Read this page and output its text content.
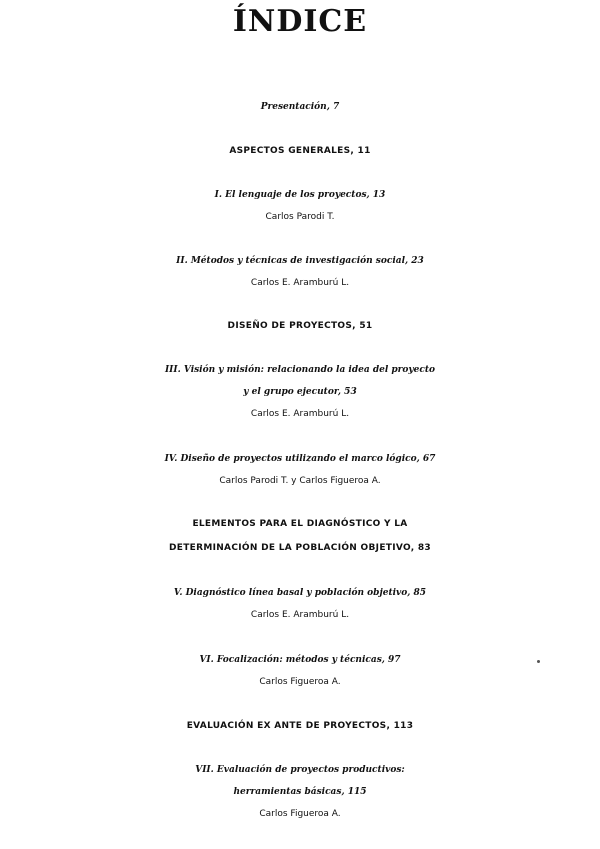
ÍNDICE
Presentación, 7
ASPECTOS GENERALES, 11
I. El lenguaje de los proyectos, 13
Carlos Parodi T.
II. Métodos y técnicas de investigación social, 23
Carlos E. Aramburú L.
DISEÑO DE PROYECTOS, 51
III. Visión y misión: relacionando la idea del proyecto
y el grupo ejecutor, 53
Carlos E. Aramburú L.
IV. Diseño de proyectos utilizando el marco lógico, 67
Carlos Parodi T. y Carlos Figueroa A.
ELEMENTOS PARA EL DIAGNÓSTICO Y LA
DETERMINACIÓN DE LA POBLACIÓN OBJETIVO, 83
V. Diagnóstico línea basal y población objetivo, 85
Carlos E. Aramburú L.
VI. Focalización: métodos y técnicas, 97
Carlos Figueroa A.
EVALUACIÓN EX ANTE DE PROYECTOS, 113
VII. Evaluación de proyectos productivos:
herramientas básicas, 115
Carlos Figueroa A.
